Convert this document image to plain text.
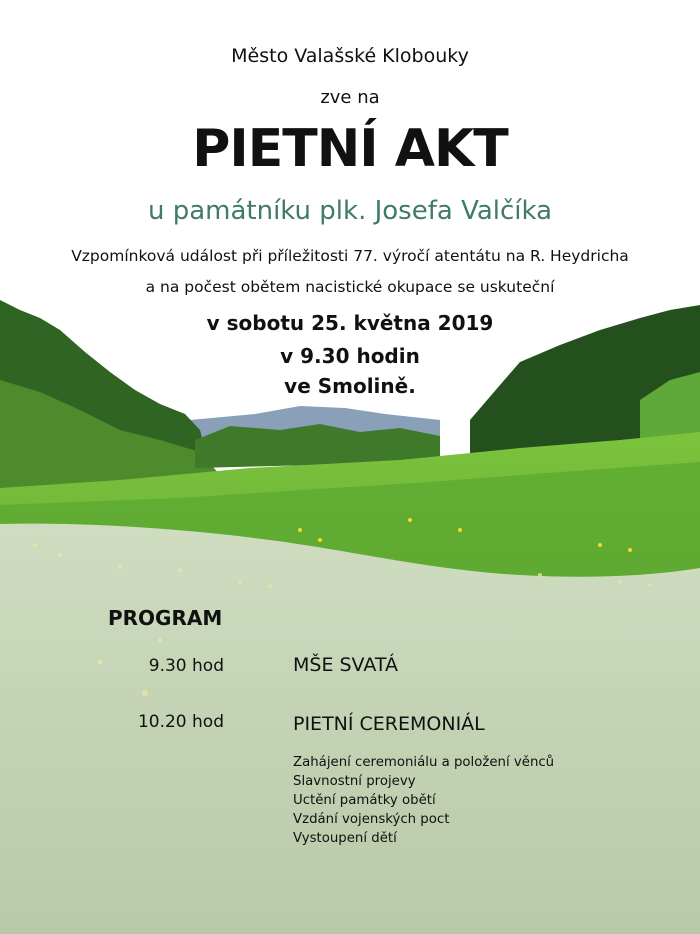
Město Valašské Klobouky

zve na

PIETNÍ AKT

u památníku plk. Josefa Valčíka

Vzpomínková událost při příležitosti 77. výročí atentátu na R. Heydricha

a na počest obětem nacistické okupace se uskuteční

v sobotu 25. května 2019

v 9.30 hodin

ve Smolině.

PROGRAM
9.30 hod	MŠE SVATÁ
10.20 hod	PIETNÍ CEREMONIÁL
Zahájení ceremoniálu a položení věnců
Slavnostní projevy
Uctění památky obětí
Vzdání vojenských poct
Vystoupení dětí
